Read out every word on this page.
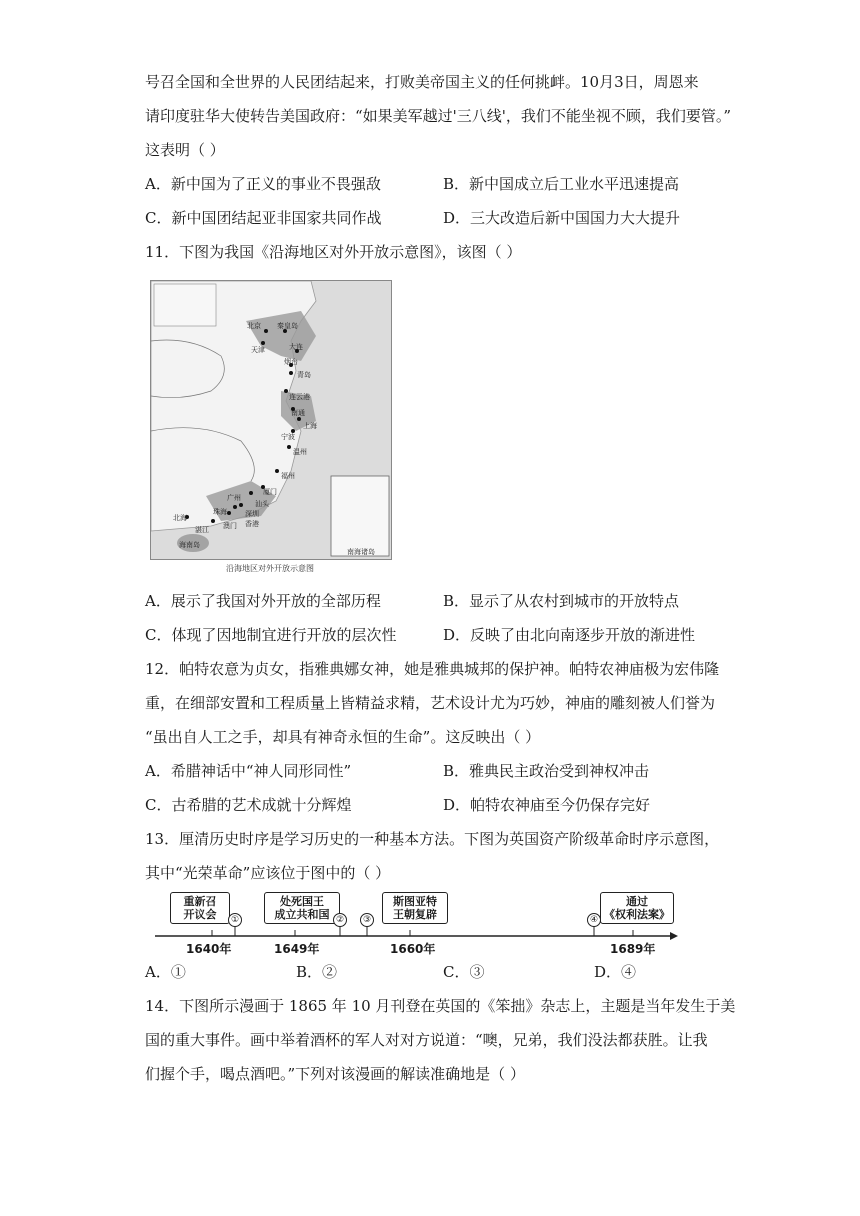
号召全国和全世界的人民团结起来，打败美帝国主义的任何挑衅。10月3日，周恩来
请印度驻华大使转告美国政府：“如果美军越过'三八线'，我们不能坐视不顾，我们要管。”
这表明（ ）
A．新中国为了正义的事业不畏强敌	B．新中国成立后工业水平迅速提高
C．新中国团结起亚非国家共同作战	D．三大改造后新中国国力大大提升
11．下图为我国《沿海地区对外开放示意图》，该图（ ）
北京
天津
秦皇岛
大连
烟台
青岛
连云港
南通
上海
宁波
温州
福州
厦门
广州
汕头
深圳
珠海
香港
澳门
湛江
北海
海南岛
南海诸岛
沿海地区对外开放示意图
A．展示了我国对外开放的全部历程	B．显示了从农村到城市的开放特点
C．体现了因地制宜进行开放的层次性	D．反映了由北向南逐步开放的渐进性
12．帕特农意为贞女，指雅典娜女神，她是雅典城邦的保护神。帕特农神庙极为宏伟隆
重，在细部安置和工程质量上皆精益求精，艺术设计尤为巧妙，神庙的雕刻被人们誉为
“虽出自人工之手，却具有神奇永恒的生命”。这反映出（ ）
A．希腊神话中“神人同形同性”	B．雅典民主政治受到神权冲击
C．古希腊的艺术成就十分辉煌	D．帕特农神庙至今仍保存完好
13．厘清历史时序是学习历史的一种基本方法。下图为英国资产阶级革命时序示意图，
其中“光荣革命”应该位于图中的（ ）
重新召
开议会
处死国王
成立共和国
斯图亚特
王朝复辟
通过
《权利法案》
①	②	③	④
1640年	1649年	1660年	1689年
A．①	B．②	C．③	D．④
14．下图所示漫画于 1865 年 10 月刊登在英国的《笨拙》杂志上，主题是当年发生于美
国的重大事件。画中举着酒杯的军人对对方说道：“噢，兄弟，我们没法都获胜。让我
们握个手，喝点酒吧。”下列对该漫画的解读准确地是（ ）
